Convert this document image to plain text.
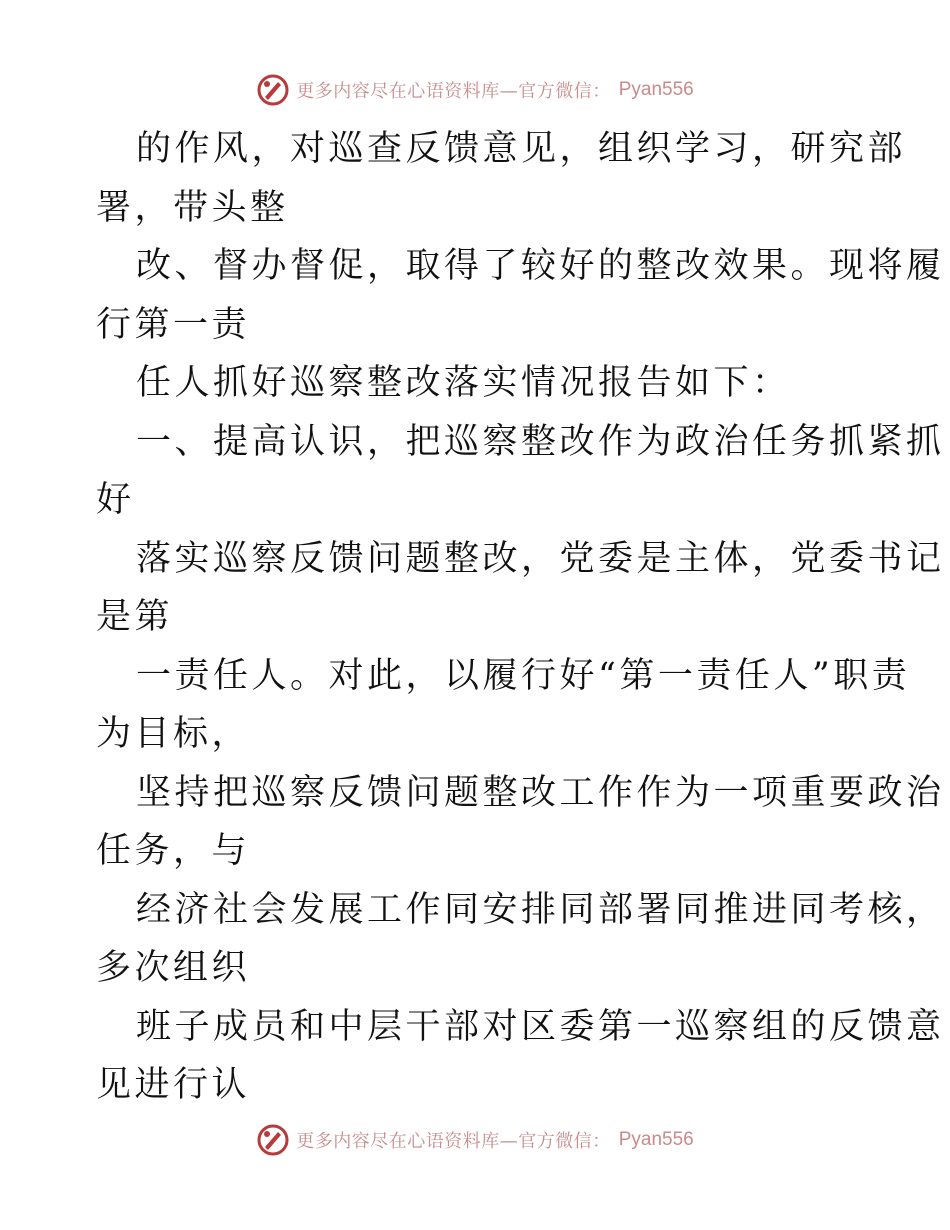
更多内容尽在心语资料库—官方微信： Pyan556
的作风，对巡查反馈意见，组织学习，研究部
署，带头整
改、督办督促，取得了较好的整改效果。现将履
行第一责
任人抓好巡察整改落实情况报告如下：
一、提高认识，把巡察整改作为政治任务抓紧抓
好
落实巡察反馈问题整改，党委是主体，党委书记
是第
一责任人。对此，以履行好“第一责任人”职责
为目标，
坚持把巡察反馈问题整改工作作为一项重要政治
任务，与
经济社会发展工作同安排同部署同推进同考核，
多次组织
班子成员和中层干部对区委第一巡察组的反馈意
见进行认
更多内容尽在心语资料库—官方微信： Pyan556
